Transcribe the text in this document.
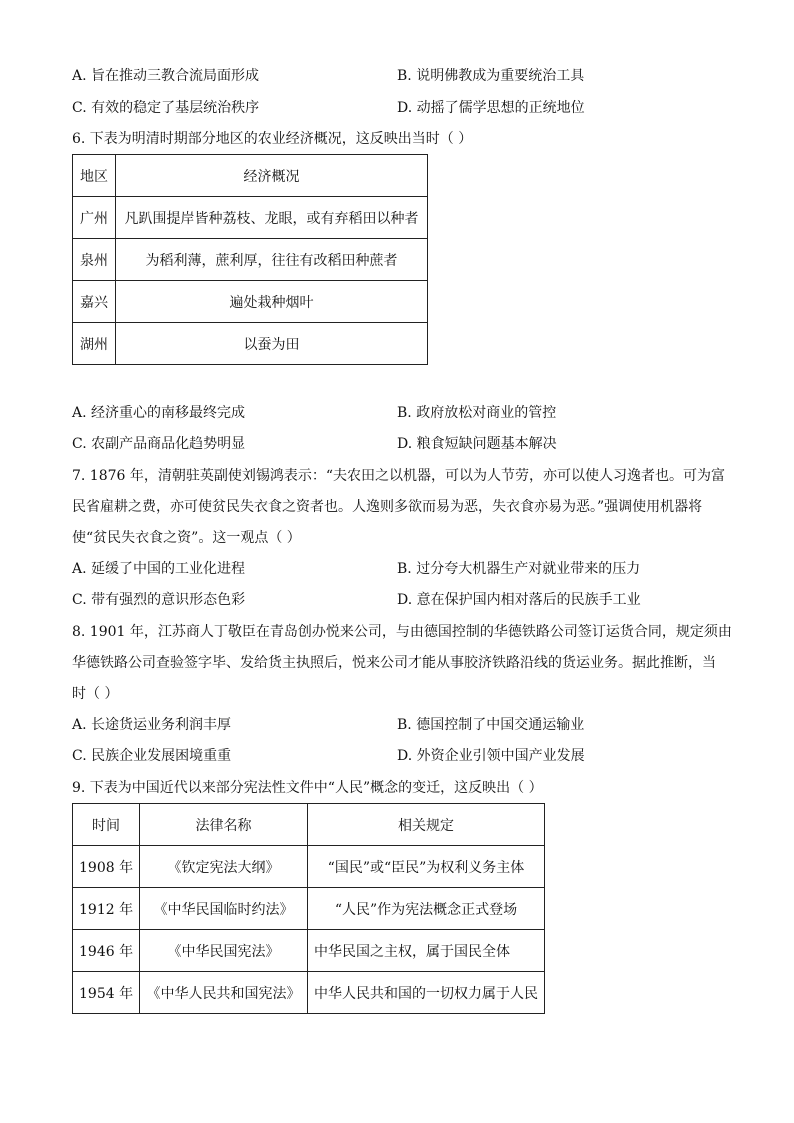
A. 旨在推动三教合流局面形成	B. 说明佛教成为重要统治工具
C. 有效的稳定了基层统治秩序	D. 动摇了儒学思想的正统地位
6. 下表为明清时期部分地区的农业经济概况，这反映出当时（ ）
地区	经济概况
广州	凡趴围提岸皆种荔枝、龙眼，或有弃稻田以种者
泉州	为稻利薄，蔗利厚，往往有改稻田种蔗者
嘉兴	遍处栽种烟叶
湖州	以蚕为田
A. 经济重心的南移最终完成	B. 政府放松对商业的管控
C. 农副产品商品化趋势明显	D. 粮食短缺问题基本解决
7. 1876 年，清朝驻英副使刘锡鸿表示：“夫农田之以机器，可以为人节劳，亦可以使人习逸者也。可为富
民省雇耕之费，亦可使贫民失衣食之资者也。人逸则多欲而易为恶，失衣食亦易为恶。”强调使用机器将
使“贫民失衣食之资”。这一观点（ ）
A. 延缓了中国的工业化进程	B. 过分夸大机器生产对就业带来的压力
C. 带有强烈的意识形态色彩	D. 意在保护国内相对落后的民族手工业
8. 1901 年，江苏商人丁敬臣在青岛创办悦来公司，与由德国控制的华德铁路公司签订运货合同，规定须由
华德铁路公司查验签字毕、发给货主执照后，悦来公司才能从事胶济铁路沿线的货运业务。据此推断，当
时（ ）
A. 长途货运业务利润丰厚	B. 德国控制了中国交通运输业
C. 民族企业发展困境重重	D. 外资企业引领中国产业发展
9. 下表为中国近代以来部分宪法性文件中“人民”概念的变迁，这反映出（ ）
时间	法律名称	相关规定
1908 年	《钦定宪法大纲》	“国民”或“臣民”为权利义务主体
1912 年	《中华民国临时约法》	“人民”作为宪法概念正式登场
1946 年	《中华民国宪法》	中华民国之主权，属于国民全体
1954 年	《中华人民共和国宪法》	中华人民共和国的一切权力属于人民
